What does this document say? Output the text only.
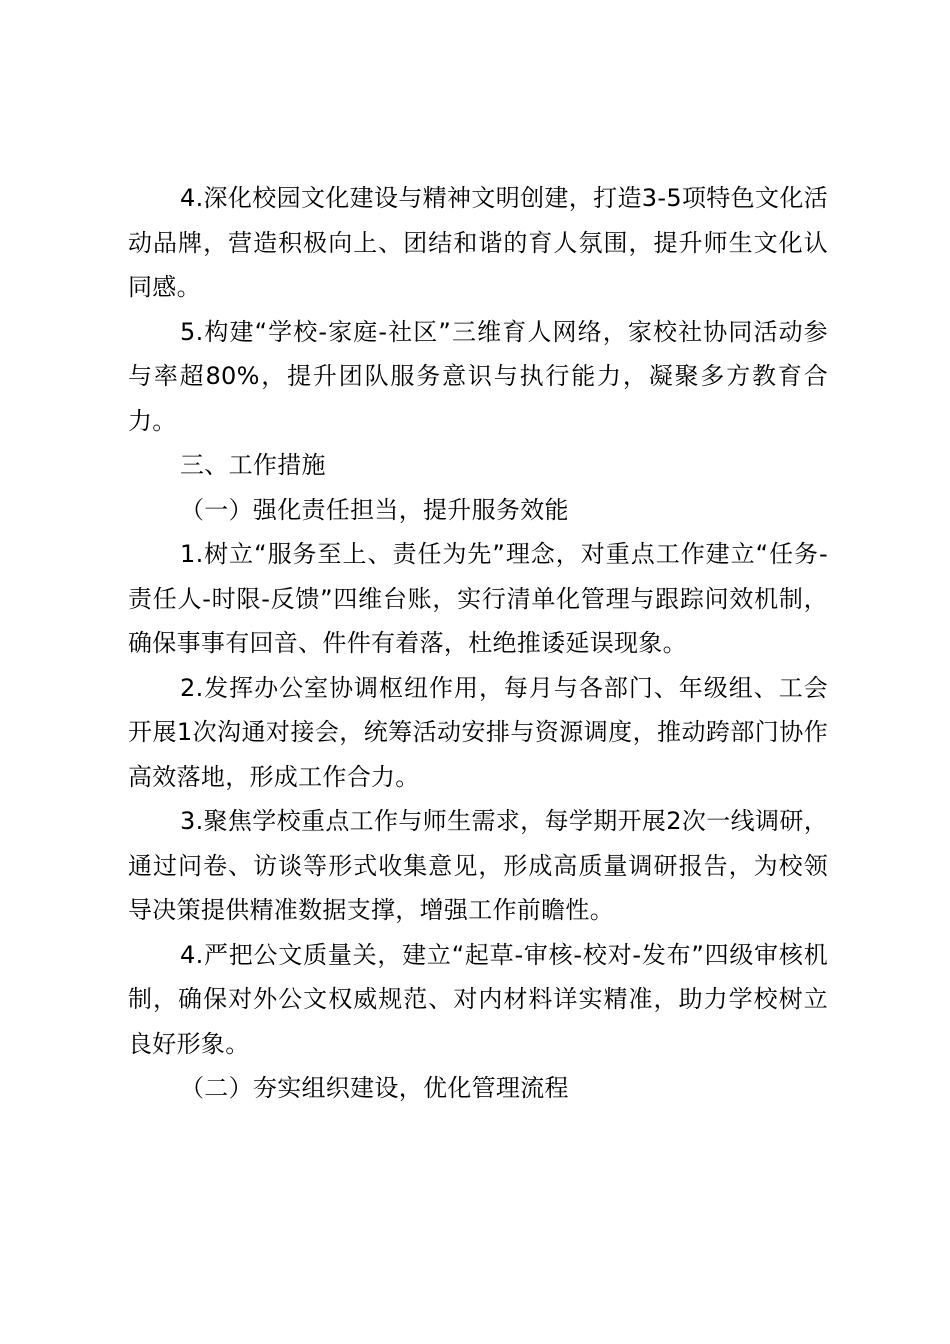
4.深化校园文化建设与精神文明创建，打造3-5项特色文化活动品牌，营造积极向上、团结和谐的育人氛围，提升师生文化认同感。

5.构建“学校-家庭-社区”三维育人网络，家校社协同活动参与率超80%，提升团队服务意识与执行能力，凝聚多方教育合力。

三、工作措施

（一）强化责任担当，提升服务效能

1.树立“服务至上、责任为先”理念，对重点工作建立“任务-责任人-时限-反馈”四维台账，实行清单化管理与跟踪问效机制，确保事事有回音、件件有着落，杜绝推诿延误现象。

2.发挥办公室协调枢纽作用，每月与各部门、年级组、工会开展1次沟通对接会，统筹活动安排与资源调度，推动跨部门协作高效落地，形成工作合力。

3.聚焦学校重点工作与师生需求，每学期开展2次一线调研，通过问卷、访谈等形式收集意见，形成高质量调研报告，为校领导决策提供精准数据支撑，增强工作前瞻性。

4.严把公文质量关，建立“起草-审核-校对-发布”四级审核机制，确保对外公文权威规范、对内材料详实精准，助力学校树立良好形象。

（二）夯实组织建设，优化管理流程
